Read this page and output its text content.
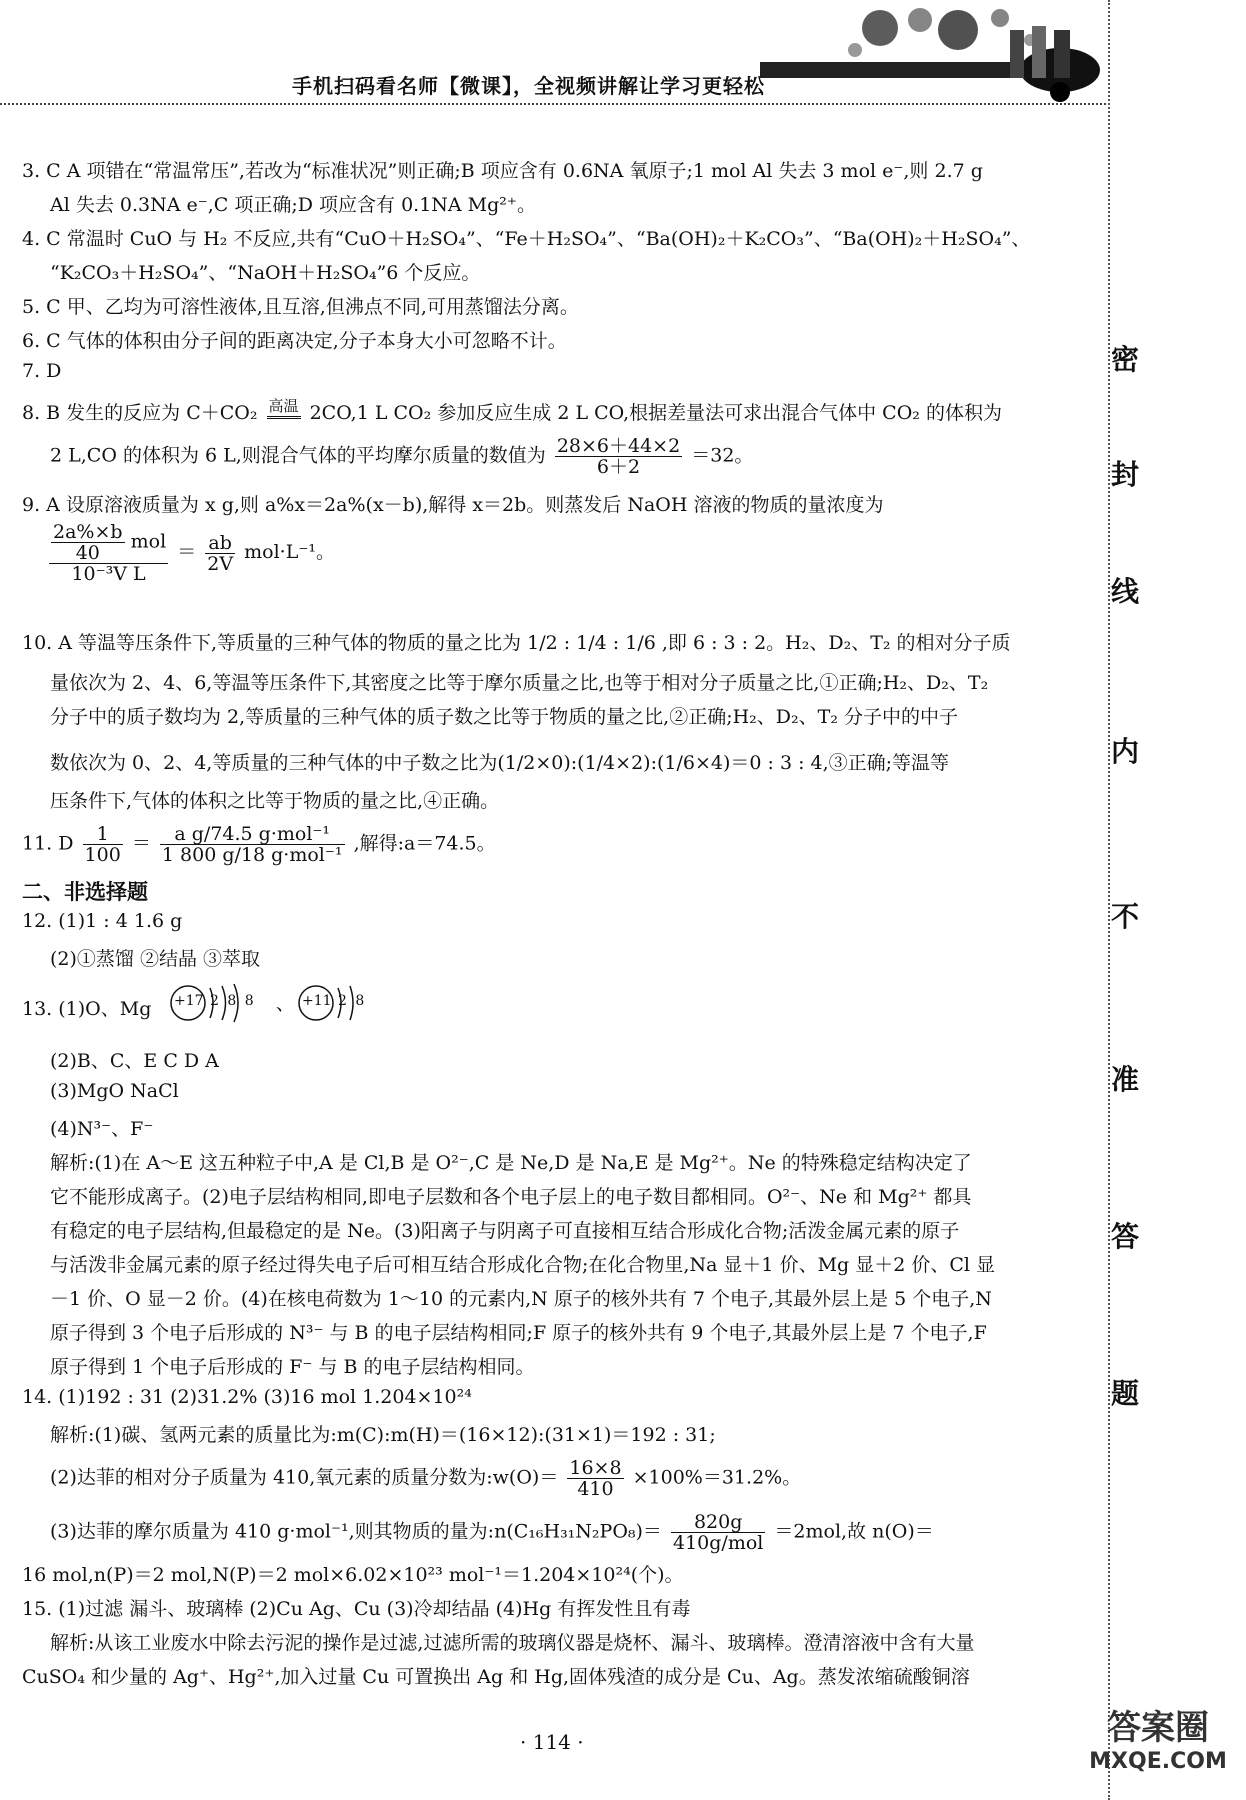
手机扫码看名师【微课】，全视频讲解让学习更轻松
密
封
线
内
不
准
答
题
3. C A 项错在“常温常压”,若改为“标准状况”则正确;B 项应含有 0.6NA 氧原子;1 mol Al 失去 3 mol e⁻,则 2.7 g
Al 失去 0.3NA e⁻,C 项正确;D 项应含有 0.1NA Mg²⁺。
4. C 常温时 CuO 与 H₂ 不反应,共有“CuO＋H₂SO₄”、“Fe＋H₂SO₄”、“Ba(OH)₂＋K₂CO₃”、“Ba(OH)₂＋H₂SO₄”、
“K₂CO₃＋H₂SO₄”、“NaOH＋H₂SO₄”6 个反应。
5. C 甲、乙均为可溶性液体,且互溶,但沸点不同,可用蒸馏法分离。
6. C 气体的体积由分子间的距离决定,分子本身大小可忽略不计。
7. D
8. B 发生的反应为 C＋CO₂ 高温 2CO,1 L CO₂ 参加反应生成 2 L CO,根据差量法可求出混合气体中 CO₂ 的体积为
2 L,CO 的体积为 6 L,则混合气体的平均摩尔质量的数值为 $\frac{28\times 6+44\times 2}{6+2} =32$。
9. A 设原溶液质量为 x g,则 a%x＝2a%(x－b),解得 x＝2b。则蒸发后 NaOH 溶液的物质的量浓度为
$\frac{\frac{2a\%\times b}{40} mol}{\text{10⁻³V L}} = \frac{ab}{2V} mol\cdot L^{-1}$。
10. A 等温等压条件下,等质量的三种气体的物质的量之比为 1/2 : 1/4 : 1/6 ,即 6 : 3 : 2。H₂、D₂、T₂ 的相对分子质
量依次为 2、4、6,等温等压条件下,其密度之比等于摩尔质量之比,也等于相对分子质量之比,①正确;H₂、D₂、T₂
分子中的质子数均为 2,等质量的三种气体的质子数之比等于物质的量之比,②正确;H₂、D₂、T₂ 分子中的中子
数依次为 0、2、4,等质量的三种气体的中子数之比为(1/2×0):(1/4×2):(1/6×4)＝0 : 3 : 4,③正确;等温等
压条件下,气体的体积之比等于物质的量之比,④正确。
11. D $\frac{1}{100} = \frac{\text{a g/74.5 g·mol⁻¹}}{\text{1 800 g/18 g·mol⁻¹}}$ ,解得:a＝74.5。
二、非选择题
12. (1)1 : 4 1.6 g
(2)①蒸馏 ②结晶 ③萃取
13. (1)O、Mg	、
+17 2 8 8	+11 2 8
(2)B、C、E C D A
(3)MgO NaCl
(4)N³⁻、F⁻
解析:(1)在 A～E 这五种粒子中,A 是 Cl,B 是 O²⁻,C 是 Ne,D 是 Na,E 是 Mg²⁺。Ne 的特殊稳定结构决定了
它不能形成离子。(2)电子层结构相同,即电子层数和各个电子层上的电子数目都相同。O²⁻、Ne 和 Mg²⁺ 都具
有稳定的电子层结构,但最稳定的是 Ne。(3)阳离子与阴离子可直接相互结合形成化合物;活泼金属元素的原子
与活泼非金属元素的原子经过得失电子后可相互结合形成化合物;在化合物里,Na 显＋1 价、Mg 显＋2 价、Cl 显
－1 价、O 显－2 价。(4)在核电荷数为 1～10 的元素内,N 原子的核外共有 7 个电子,其最外层上是 5 个电子,N
原子得到 3 个电子后形成的 N³⁻ 与 B 的电子层结构相同;F 原子的核外共有 9 个电子,其最外层上是 7 个电子,F
原子得到 1 个电子后形成的 F⁻ 与 B 的电子层结构相同。
14. (1)192 : 31 (2)31.2% (3)16 mol 1.204×10²⁴
解析:(1)碳、氢两元素的质量比为:m(C):m(H)＝(16×12):(31×1)＝192 : 31;
(2)达菲的相对分子质量为 410,氧元素的质量分数为:w(O)＝ $\frac{16\times 8}{410} \times 100\%=31.2\%$。
(3)达菲的摩尔质量为 410 g·mol⁻¹,则其物质的量为:n(C₁₆H₃₁N₂PO₈)＝ $\frac{820g}{\text{410g/mol}} =2mol$,故 n(O)＝
16 mol,n(P)＝2 mol,N(P)＝2 mol×6.02×10²³ mol⁻¹＝1.204×10²⁴(个)。
15. (1)过滤 漏斗、玻璃棒 (2)Cu Ag、Cu (3)冷却结晶 (4)Hg 有挥发性且有毒
解析:从该工业废水中除去污泥的操作是过滤,过滤所需的玻璃仪器是烧杯、漏斗、玻璃棒。澄清溶液中含有大量
CuSO₄ 和少量的 Ag⁺、Hg²⁺,加入过量 Cu 可置换出 Ag 和 Hg,固体残渣的成分是 Cu、Ag。蒸发浓缩硫酸铜溶
· 114 ·	答案圈
MXQE.COM
